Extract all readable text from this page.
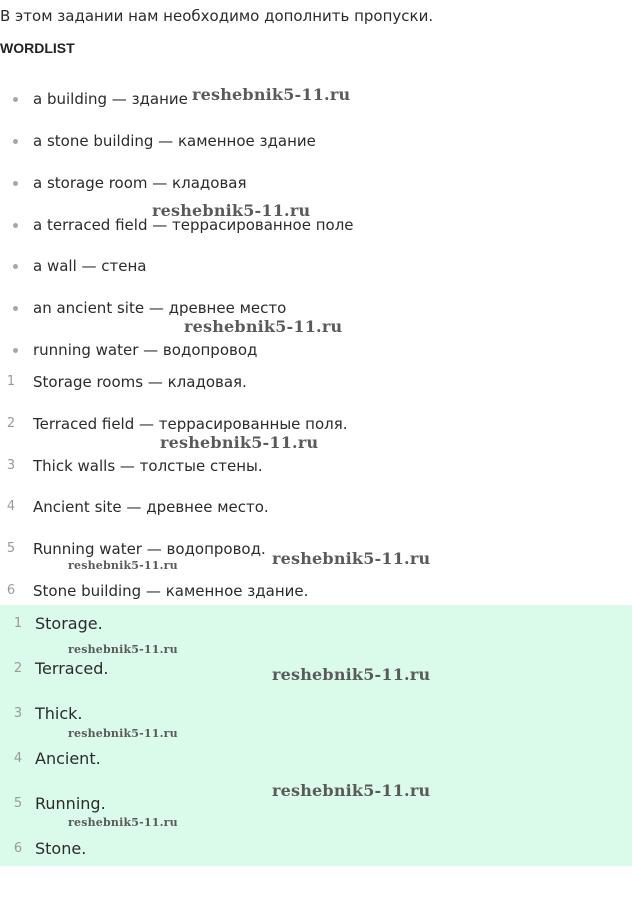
В этом задании нам необходимо дополнить пропуски.
WORDLIST
a building — здание
a stone building — каменное здание
a storage room — кладовая
a terraced field — террасированное поле
a wall — стена
an ancient site — древнее место
running water — водопровод
1	Storage rooms — кладовая.
2	Terraced field — террасированные поля.
3	Thick walls — толстые стены.
4	Ancient site — древнее место.
5	Running water — водопровод.
6	Stone building — каменное здание.
1 Storage.
2 Terraced.
3 Thick.
4 Ancient.
5 Running.
6 Stone.
reshebnik5-11.ru
reshebnik5-11.ru
reshebnik5-11.ru
reshebnik5-11.ru
reshebnik5-11.ru
reshebnik5-11.ru
reshebnik5-11.ru
reshebnik5-11.ru
reshebnik5-11.ru
reshebnik5-11.ru
reshebnik5-11.ru
